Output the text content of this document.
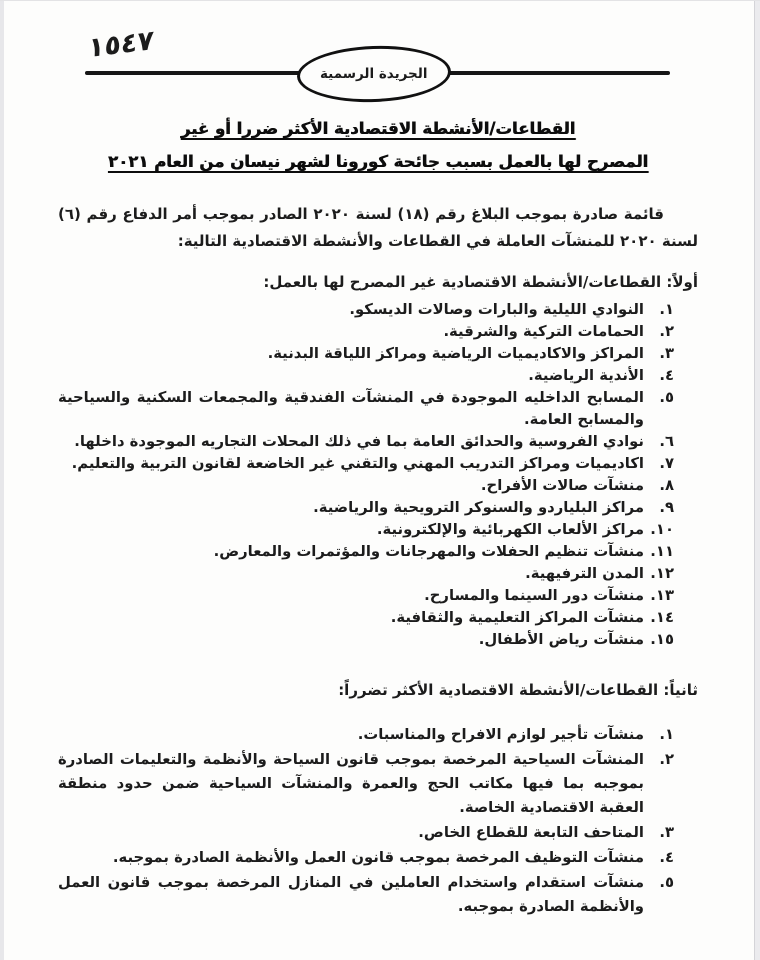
١٥٤٧
الجريدة الرسمية
القطاعات/الأنشطة الاقتصادية الأكثر ضررا أو غير
المصرح لها بالعمل بسبب جائحة كورونا لشهر نيسان من العام ٢٠٢١

قائمة صادرة بموجب البلاغ رقم (١٨) لسنة ٢٠٢٠ الصادر بموجب أمر الدفاع رقم (٦) لسنة ٢٠٢٠ للمنشآت العاملة في القطاعات والأنشطة الاقتصادية التالية:

أولاً: القطاعات/الأنشطة الاقتصادية غير المصرح لها بالعمل:
١.
النوادي الليلية والبارات وصالات الديسكو.
٢.
الحمامات التركية والشرقية.
٣.
المراكز والاكاديميات الرياضية ومراكز اللياقة البدنية.
٤.
الأندية الرياضية.
٥.
المسابح الداخليه الموجودة في المنشآت الفندقية والمجمعات السكنية والسياحية والمسابح العامة.
٦.
نوادي الفروسية والحدائق العامة بما في ذلك المحلات التجاريه الموجودة داخلها.
٧.
اكاديميات ومراكز التدريب المهني والتقني غير الخاضعة لقانون التربية والتعليم.
٨.
منشآت صالات الأفراح.
٩.
مراكز البلياردو والسنوكر الترويحية والرياضية.
١٠.
مراكز الألعاب الكهربائية والإلكترونية.
١١.
منشآت تنظيم الحفلات والمهرجانات والمؤتمرات والمعارض.
١٢.
المدن الترفيهية.
١٣.
منشآت دور السينما والمسارح.
١٤.
منشآت المراكز التعليمية والثقافية.
١٥.
منشآت رياض الأطفال.
ثانياً: القطاعات/الأنشطة الاقتصادية الأكثر تضرراً:
١.
منشآت تأجير لوازم الافراح والمناسبات.
٢.
المنشآت السياحية المرخصة بموجب قانون السياحة والأنظمة والتعليمات الصادرة بموجبه بما فيها مكاتب الحج والعمرة والمنشآت السياحية ضمن حدود منطقة العقبة الاقتصادية الخاصة.
٣.
المتاحف التابعة للقطاع الخاص.
٤.
منشآت التوظيف المرخصة بموجب قانون العمل والأنظمة الصادرة بموجبه.
٥.
منشآت استقدام واستخدام العاملين في المنازل المرخصة بموجب قانون العمل والأنظمة الصادرة بموجبه.
